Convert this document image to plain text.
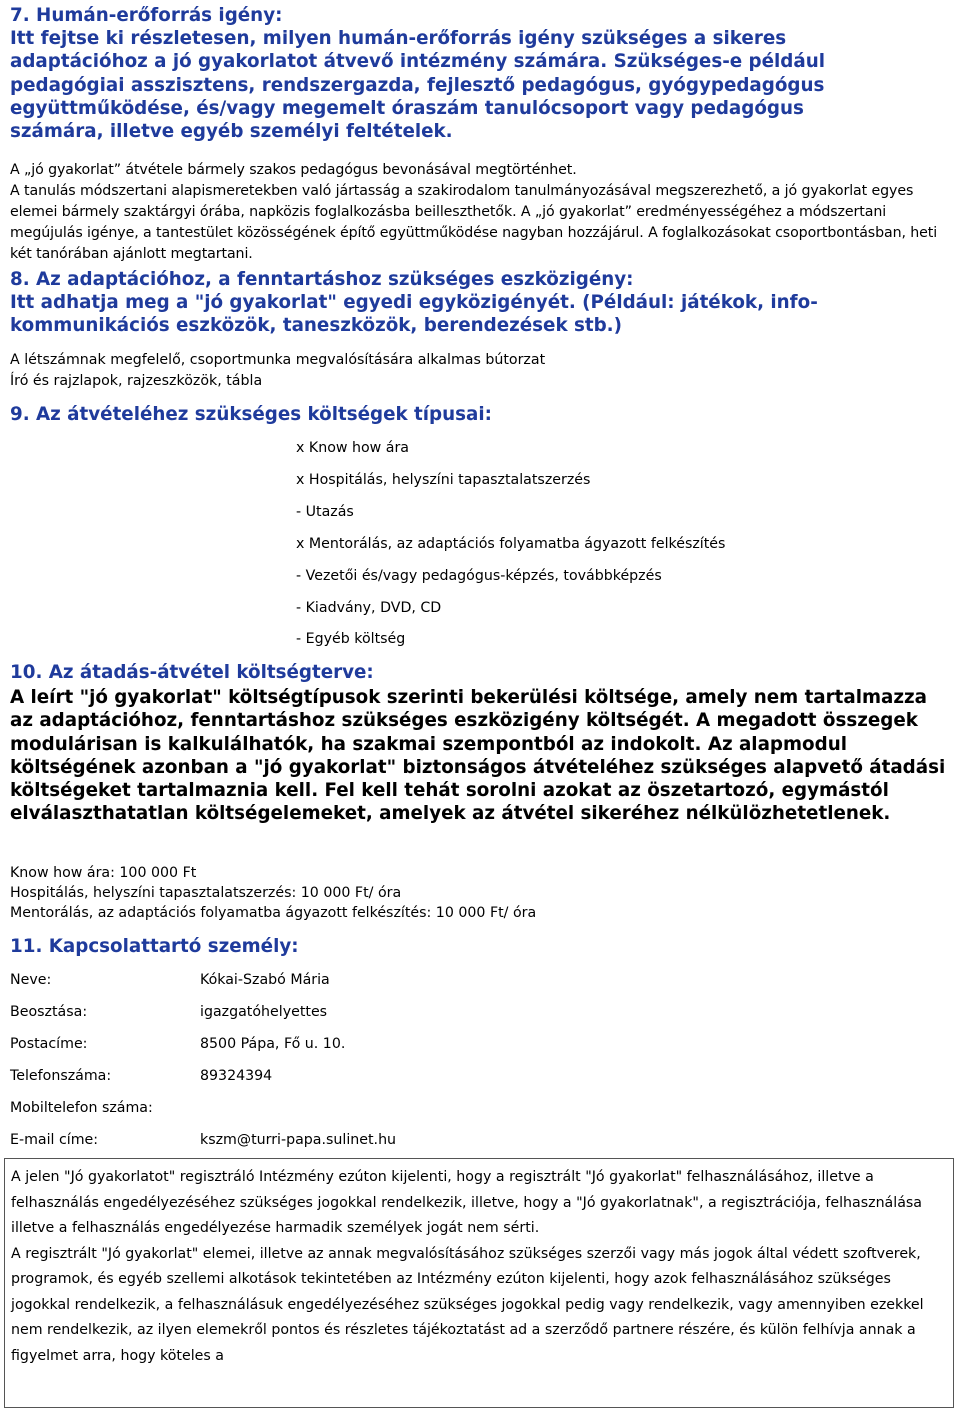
7. Humán-erőforrás igény:

Itt fejtse ki részletesen, milyen humán-erőforrás igény szükséges a sikeres adaptációhoz a jó gyakorlatot átvevő intézmény számára. Szükséges-e például pedagógiai asszisztens, rendszergazda, fejlesztő pedagógus, gyógypedagógus együttműködése, és/vagy megemelt óraszám tanulócsoport vagy pedagógus számára, illetve egyéb személyi feltételek.

A „jó gyakorlat” átvétele bármely szakos pedagógus bevonásával megtörténhet.
A tanulás módszertani alapismeretekben való jártasság a szakirodalom tanulmányozásával megszerezhető, a jó gyakorlat egyes elemei bármely szaktárgyi órába, napközis foglalkozásba beilleszthetők. A „jó gyakorlat” eredményességéhez a módszertani megújulás igénye, a tantestület közösségének építő együttműködése nagyban hozzájárul. A foglalkozásokat csoportbontásban, heti két tanórában ajánlott megtartani.

8. Az adaptációhoz, a fenntartáshoz szükséges eszközigény:

Itt adhatja meg a "jó gyakorlat" egyedi egyközigényét. (Például: játékok, info-kommunikációs eszközök, taneszközök, berendezések stb.)

A létszámnak megfelelő, csoportmunka megvalósítására alkalmas bútorzat

Író és rajzlapok, rajzeszközök, tábla

9. Az átvételéhez szükséges költségek típusai:

x Know how ára

x Hospitálás, helyszíni tapasztalatszerzés

- Utazás

x Mentorálás, az adaptációs folyamatba ágyazott felkészítés

- Vezetői és/vagy pedagógus-képzés, továbbképzés

- Kiadvány, DVD, CD

- Egyéb költség

10. Az átadás-átvétel költségterve:

A leírt "jó gyakorlat" költségtípusok szerinti bekerülési költsége, amely nem tartalmazza az adaptációhoz, fenntartáshoz szükséges eszközigény költségét. A megadott összegek modulárisan is kalkulálhatók, ha szakmai szempontból az indokolt. Az alapmodul költségének azonban a "jó gyakorlat" biztonságos átvételéhez szükséges alapvető átadási költségeket tartalmaznia kell. Fel kell tehát sorolni azokat az öszetartozó, egymástól elválaszthatatlan költségelemeket, amelyek az átvétel sikeréhez nélkülözhetetlenek.

Know how ára: 100 000 Ft

Hospitálás, helyszíni tapasztalatszerzés: 10 000 Ft/ óra

Mentorálás, az adaptációs folyamatba ágyazott felkészítés: 10 000 Ft/ óra

11. Kapcsolattartó személy:

Neve:	Kókai-Szabó Mária
Beosztása:	igazgatóhelyettes
Postacíme:	8500 Pápa, Fő u. 10.
Telefonszáma:	89324394
Mobiltelefon száma:
E-mail címe:	kszm@turri-papa.sulinet.hu

A jelen "Jó gyakorlatot" regisztráló Intézmény ezúton kijelenti, hogy a regisztrált "Jó gyakorlat" felhasználásához, illetve a felhasználás engedélyezéséhez szükséges jogokkal rendelkezik, illetve, hogy a "Jó gyakorlatnak", a regisztrációja, felhasználása illetve a felhasználás engedélyezése harmadik személyek jogát nem sérti.

A regisztrált "Jó gyakorlat" elemei, illetve az annak megvalósításához szükséges szerzői vagy más jogok által védett szoftverek, programok, és egyéb szellemi alkotások tekintetében az Intézmény ezúton kijelenti, hogy azok felhasználásához szükséges jogokkal rendelkezik, a felhasználásuk engedélyezéséhez szükséges jogokkal pedig vagy rendelkezik, vagy amennyiben ezekkel nem rendelkezik, az ilyen elemekről pontos és részletes tájékoztatást ad a szerződő partnere részére, és külön felhívja annak a figyelmet arra, hogy köteles a
